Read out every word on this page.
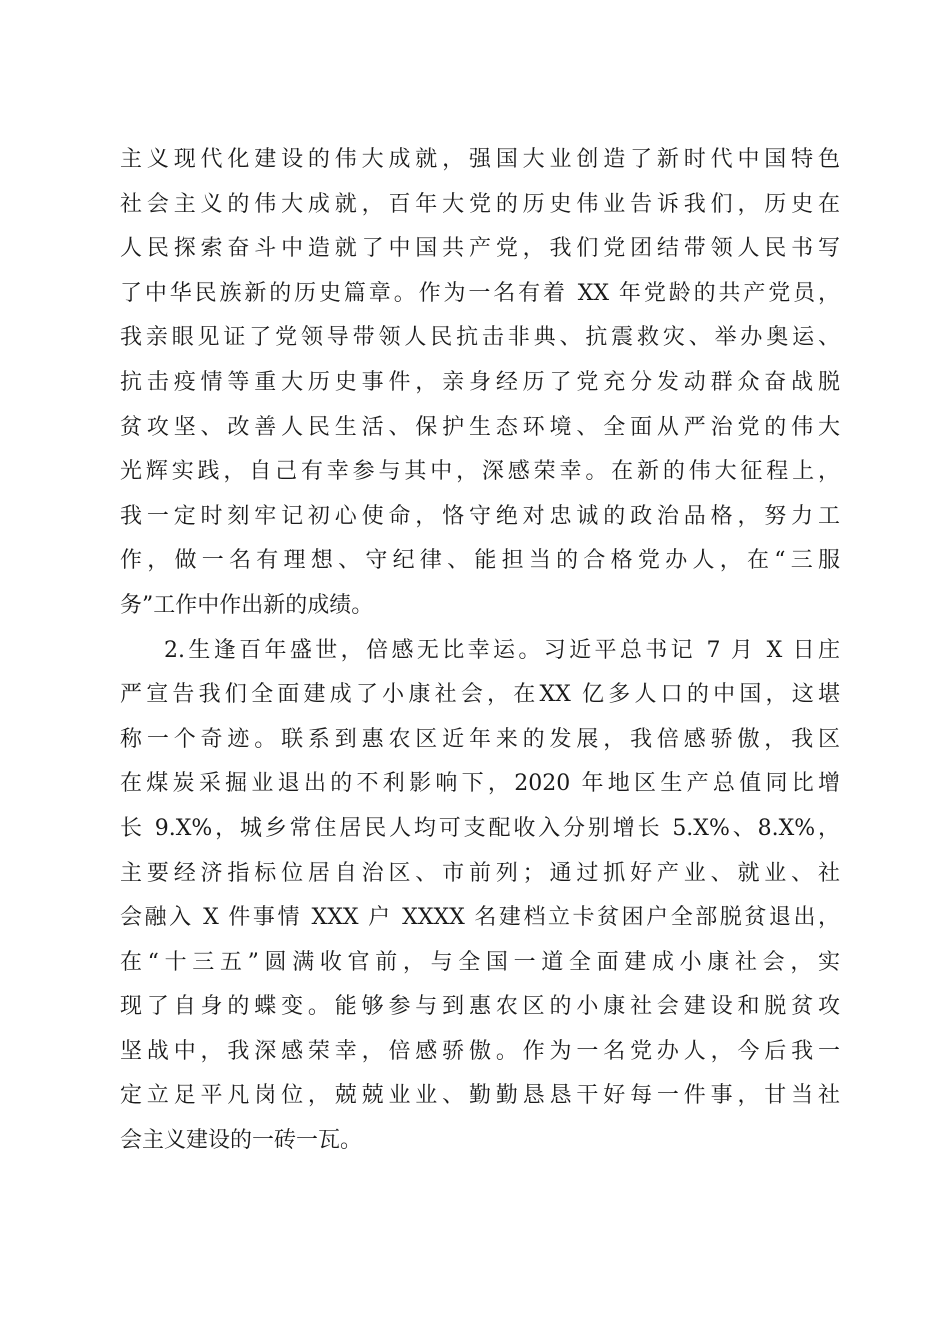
主义现代化建设的伟大成就，强国大业创造了新时代中国特色
社会主义的伟大成就，百年大党的历史伟业告诉我们，历史在
人民探索奋斗中造就了中国共产党，我们党团结带领人民书写
了中华民族新的历史篇章。作为一名有着 XX 年党龄的共产党员，
我亲眼见证了党领导带领人民抗击非典、抗震救灾、举办奥运、
抗击疫情等重大历史事件，亲身经历了党充分发动群众奋战脱
贫攻坚、改善人民生活、保护生态环境、全面从严治党的伟大
光辉实践，自己有幸参与其中，深感荣幸。在新的伟大征程上，
我一定时刻牢记初心使命，恪守绝对忠诚的政治品格，努力工
作，做一名有理想、守纪律、能担当的合格党办人，在“三服
务”工作中作出新的成绩。
2.生逢百年盛世，倍感无比幸运。习近平总书记 7 月 X 日庄
严宣告我们全面建成了小康社会，在XX 亿多人口的中国，这堪
称一个奇迹。联系到惠农区近年来的发展，我倍感骄傲，我区
在煤炭采掘业退出的不利影响下，2020 年地区生产总值同比增
长 9.X%，城乡常住居民人均可支配收入分别增长 5.X%、8.X%，
主要经济指标位居自治区、市前列；通过抓好产业、就业、社
会融入 X 件事情 XXX 户 XXXX 名建档立卡贫困户全部脱贫退出，
在“十三五”圆满收官前，与全国一道全面建成小康社会，实
现了自身的蝶变。能够参与到惠农区的小康社会建设和脱贫攻
坚战中，我深感荣幸，倍感骄傲。作为一名党办人，今后我一
定立足平凡岗位，兢兢业业、勤勤恳恳干好每一件事，甘当社
会主义建设的一砖一瓦。
